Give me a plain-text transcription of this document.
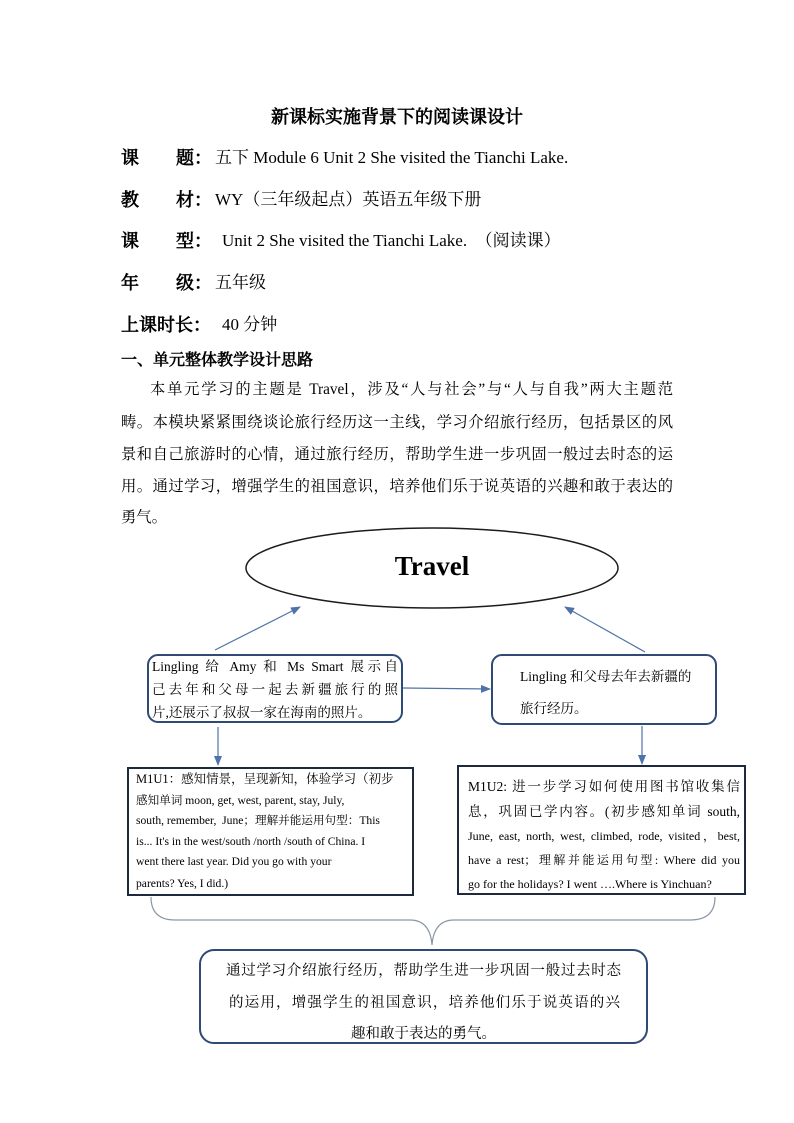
新课标实施背景下的阅读课设计
课 题： 五下 Module 6 Unit 2 She visited the Tianchi Lake.
教 材： WY（三年级起点）英语五年级下册
课 型： Unit 2 She visited the Tianchi Lake.  （阅读课）
年 级： 五年级
上课时长： 40 分钟
一、单元整体教学设计思路
本单元学习的主题是 Travel，涉及“人与社会”与“人与自我”两大主题范
畴。本模块紧紧围绕谈论旅行经历这一主线，学习介绍旅行经历，包括景区的风
景和自己旅游时的心情，通过旅行经历，帮助学生进一步巩固一般过去时态的运
用。通过学习，增强学生的祖国意识，培养他们乐于说英语的兴趣和敢于表达的
勇气。
Travel
Lingling 给 Amy 和 Ms Smart 展示自
己去年和父母一起去新疆旅行的照
片,还展示了叔叔一家在海南的照片。
Lingling 和父母去年去新疆的
旅行经历。
M1U1：感知情景，呈现新知，体验学习（初步
感知单词 moon, get, west, parent, stay, July,
south, remember,  June；理解并能运用句型：This
is... It's in the west/south /north /south of China. I
went there last year. Did you go with your
parents? Yes, I did.)
M1U2: 进一步学习如何使用图书馆收集信
息，巩固已学内容。(初步感知单词 south,
June, east, north, west, climbed, rode, visited，best,
have a rest；理解并能运用句型: Where did you
go for the holidays? I went ….Where is Yinchuan?
通过学习介绍旅行经历，帮助学生进一步巩固一般过去时态
的运用，增强学生的祖国意识，培养他们乐于说英语的兴
趣和敢于表达的勇气。
